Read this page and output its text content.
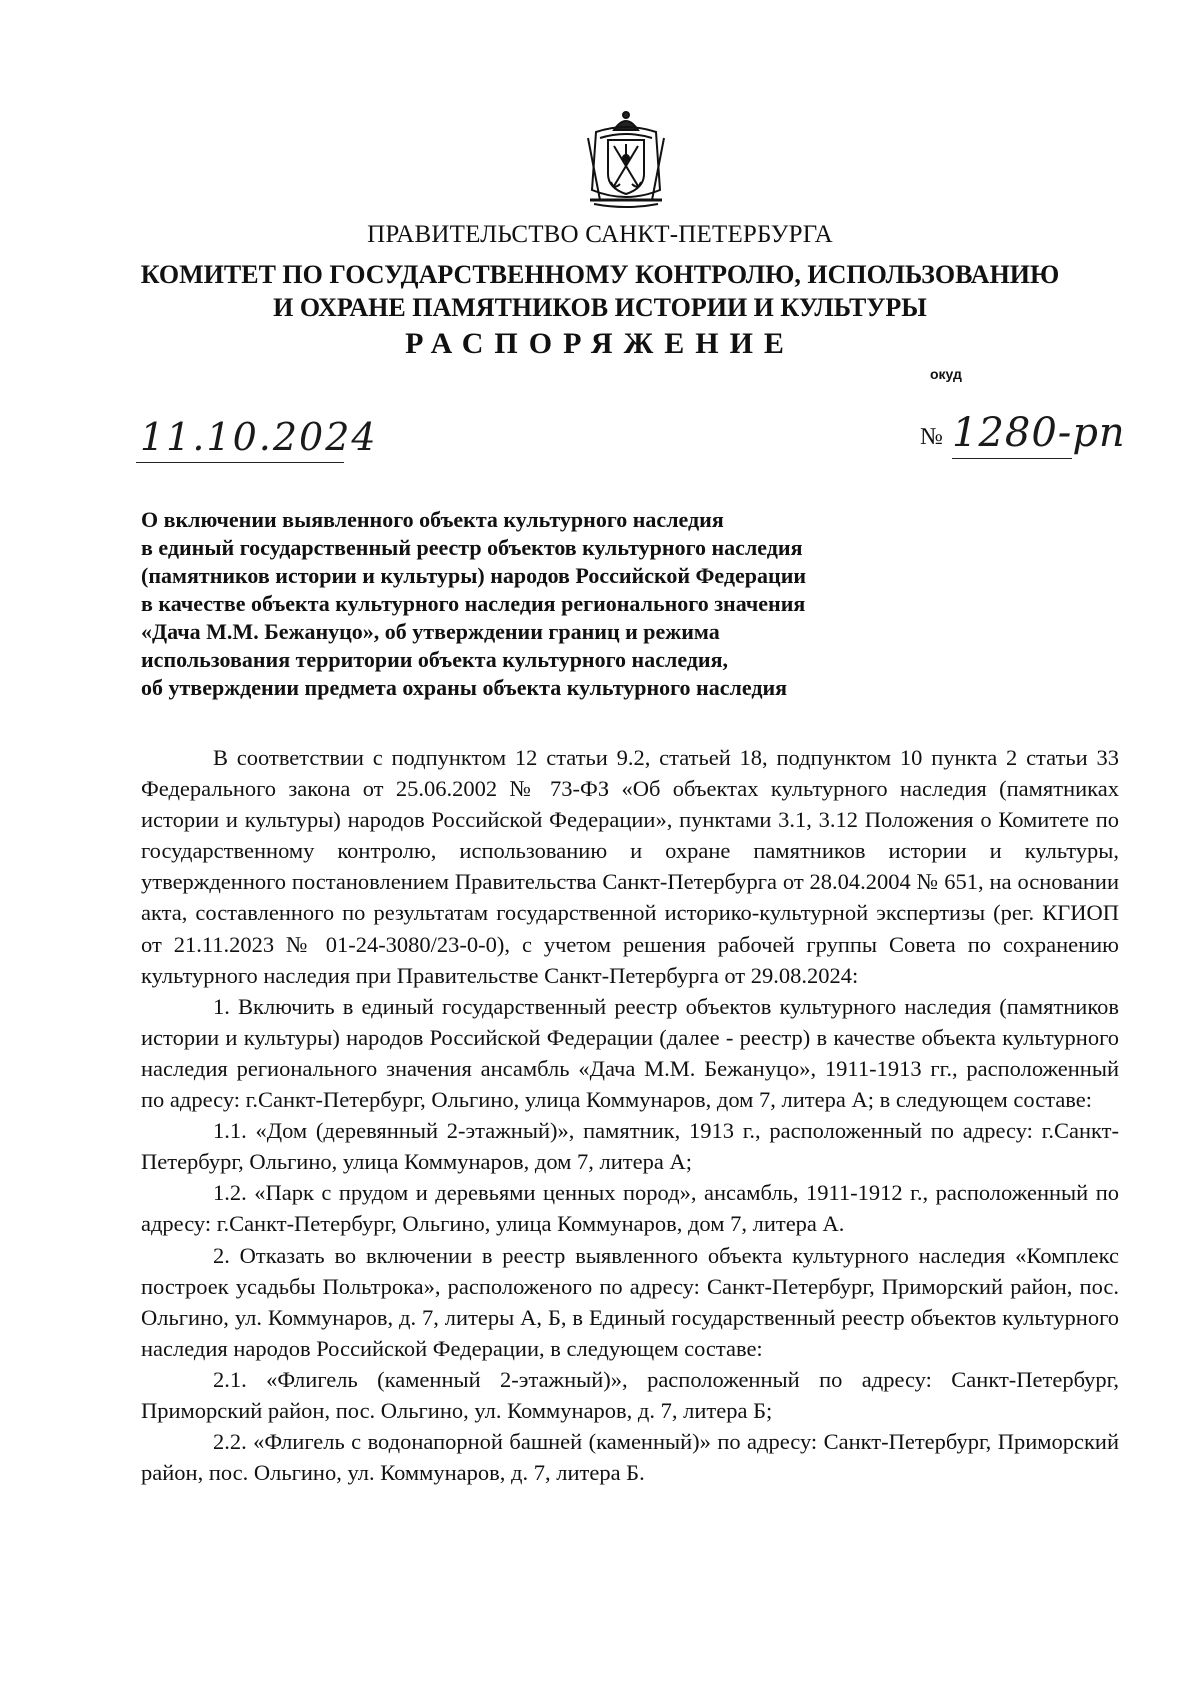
ПРАВИТЕЛЬСТВО САНКТ-ПЕТЕРБУРГА
КОМИТЕТ ПО ГОСУДАРСТВЕННОМУ КОНТРОЛЮ, ИСПОЛЬЗОВАНИЮ
И ОХРАНЕ ПАМЯТНИКОВ ИСТОРИИ И КУЛЬТУРЫ
РАСПОРЯЖЕНИЕ
окуд
11.10.2024	№ 1280-рп
О включении выявленного объекта культурного наследия
в единый государственный реестр объектов культурного наследия
(памятников истории и культуры) народов Российской Федерации
в качестве объекта культурного наследия регионального значения
«Дача М.М. Бежануцо», об утверждении границ и режима
использования территории объекта культурного наследия,
об утверждении предмета охраны объекта культурного наследия

В соответствии с подпунктом 12 статьи 9.2, статьей 18, подпунктом 10 пункта 2 статьи 33 Федерального закона от 25.06.2002 № 73-ФЗ «Об объектах культурного наследия (памятниках истории и культуры) народов Российской Федерации», пунктами 3.1, 3.12 Положения о Комитете по государственному контролю, использованию и охране памятников истории и культуры, утвержденного постановлением Правительства Санкт-Петербурга от 28.04.2004 № 651, на основании акта, составленного по результатам государственной историко-культурной экспертизы (рег. КГИОП от 21.11.2023 № 01-24-3080/23-0-0), с учетом решения рабочей группы Совета по сохранению культурного наследия при Правительстве Санкт-Петербурга от 29.08.2024:

1. Включить в единый государственный реестр объектов культурного наследия (памятников истории и культуры) народов Российской Федерации (далее - реестр) в качестве объекта культурного наследия регионального значения ансамбль «Дача М.М. Бежануцо», 1911-1913 гг., расположенный по адресу: г.Санкт-Петербург, Ольгино, улица Коммунаров, дом 7, литера А; в следующем составе:

1.1. «Дом (деревянный 2-этажный)», памятник, 1913 г., расположенный по адресу: г.Санкт-Петербург, Ольгино, улица Коммунаров, дом 7, литера А;

1.2. «Парк с прудом и деревьями ценных пород», ансамбль, 1911-1912 г., расположенный по адресу: г.Санкт-Петербург, Ольгино, улица Коммунаров, дом 7, литера А.

2. Отказать во включении в реестр выявленного объекта культурного наследия «Комплекс построек усадьбы Польтрока», расположеного по адресу: Санкт-Петербург, Приморский район, пос. Ольгино, ул. Коммунаров, д. 7, литеры А, Б, в Единый государственный реестр объектов культурного наследия народов Российской Федерации, в следующем составе:

2.1. «Флигель (каменный 2-этажный)», расположенный по адресу: Санкт-Петербург, Приморский район, пос. Ольгино, ул. Коммунаров, д. 7, литера Б;

2.2. «Флигель с водонапорной башней (каменный)» по адресу: Санкт-Петербург, Приморский район, пос. Ольгино, ул. Коммунаров, д. 7, литера Б.
